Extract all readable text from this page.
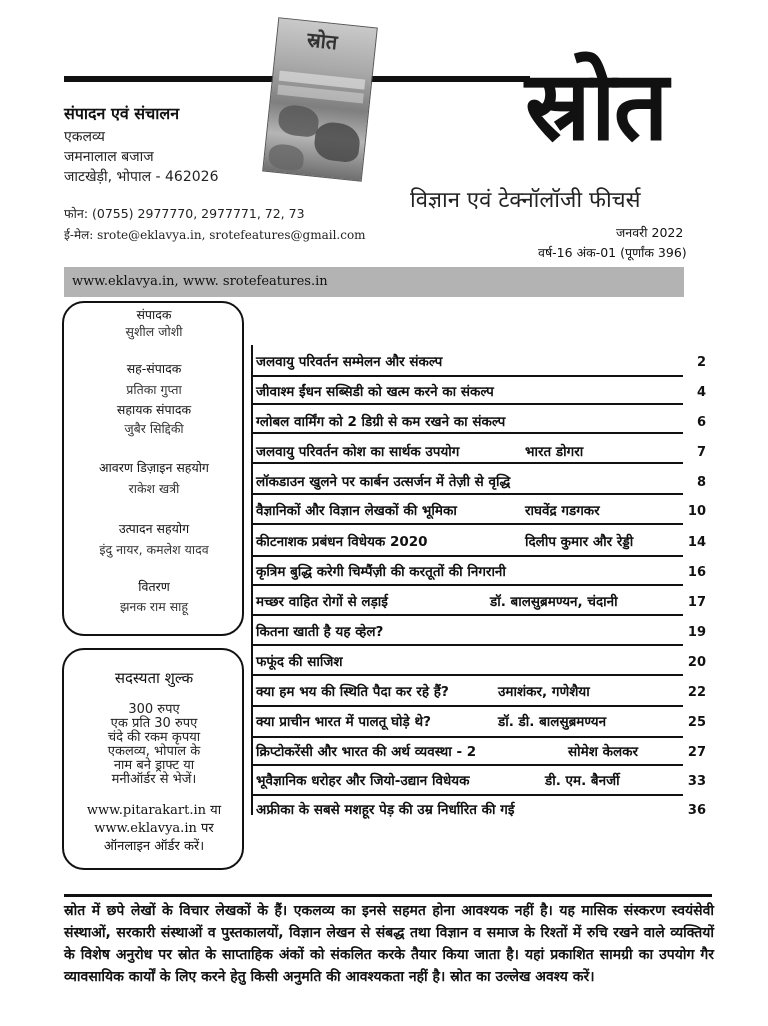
स्रोत
स्रोत
विज्ञान एवं टेक्नॉलॉजी फीचर्स
जनवरी 2022
वर्ष-16 अंक-01 (पूर्णांक 396)
संपादन एवं संचालन
एकलव्य
जमनालाल बजाज
जाटखेड़ी, भोपाल - 462026
फोन: (0755) 2977770, 2977771, 72, 73
ई-मेल: srote@eklavya.in, srotefeatures@gmail.com
www.eklavya.in, www. srotefeatures.in
संपादक
सुशील जोशी
सह-संपादक
प्रतिका गुप्ता
सहायक संपादक
जुबैर सिद्दिकी
आवरण डिज़ाइन सहयोग
राकेश खत्री
उत्पादन सहयोग
इंदु नायर, कमलेश यादव
वितरण
झनक राम साहू
सदस्यता शुल्क
300 रुपए
एक प्रति 30 रुपए
चंदे की रकम कृपया
एकलव्य, भोपाल के
नाम बने ड्राफ्ट या
मनीऑर्डर से भेजें।
www.pitarakart.in या
www.eklavya.in पर
ऑनलाइन ऑर्डर करें।
जलवायु परिवर्तन सम्मेलन और संकल्प	2
जीवाश्म ईंधन सब्सिडी को खत्म करने का संकल्प	4
ग्लोबल वार्मिंग को 2 डिग्री से कम रखने का संकल्प	6
जलवायु परिवर्तन कोश का सार्थक उपयोग	भारत डोगरा	7
लॉकडाउन खुलने पर कार्बन उत्सर्जन में तेज़ी से वृद्धि	8
वैज्ञानिकों और विज्ञान लेखकों की भूमिका	राघवेंद्र गडगकर	10
कीटनाशक प्रबंधन विधेयक 2020	दिलीप कुमार और रेड्डी	14
कृत्रिम बुद्धि करेगी चिम्पैंज़ी की करतूतों की निगरानी	16
मच्छर वाहित रोगों से लड़ाई	डॉ. बालसुब्रमण्यन, चंदानी	17
कितना खाती है यह व्हेल?	19
फफूंद की साजिश	20
क्या हम भय की स्थिति पैदा कर रहे हैं?	उमाशंकर, गणेशैया	22
क्या प्राचीन भारत में पालतू घोड़े थे?	डॉ. डी. बालसुब्रमण्यन	25
क्रिप्टोकरेंसी और भारत की अर्थ व्यवस्था - 2	सोमेश केलकर	27
भूवैज्ञानिक धरोहर और जियो-उद्यान विधेयक	डी. एम. बैनर्जी	33
अफ्रीका के सबसे मशहूर पेड़ की उम्र निर्धारित की गई	36
स्रोत में छपे लेखों के विचार लेखकों के हैं। एकलव्य का इनसे सहमत होना आवश्यक नहीं है। यह मासिक संस्करण स्वयंसेवी संस्थाओं, सरकारी संस्थाओं व पुस्तकालयों, विज्ञान लेखन से संबद्ध तथा विज्ञान व समाज के रिश्तों में रुचि रखने वाले व्यक्तियों के विशेष अनुरोध पर स्रोत के साप्ताहिक अंकों को संकलित करके तैयार किया जाता है। यहां प्रकाशित सामग्री का उपयोग गैर व्यावसायिक कार्यों के लिए करने हेतु किसी अनुमति की आवश्यकता नहीं है। स्रोत का उल्लेख अवश्य करें।
